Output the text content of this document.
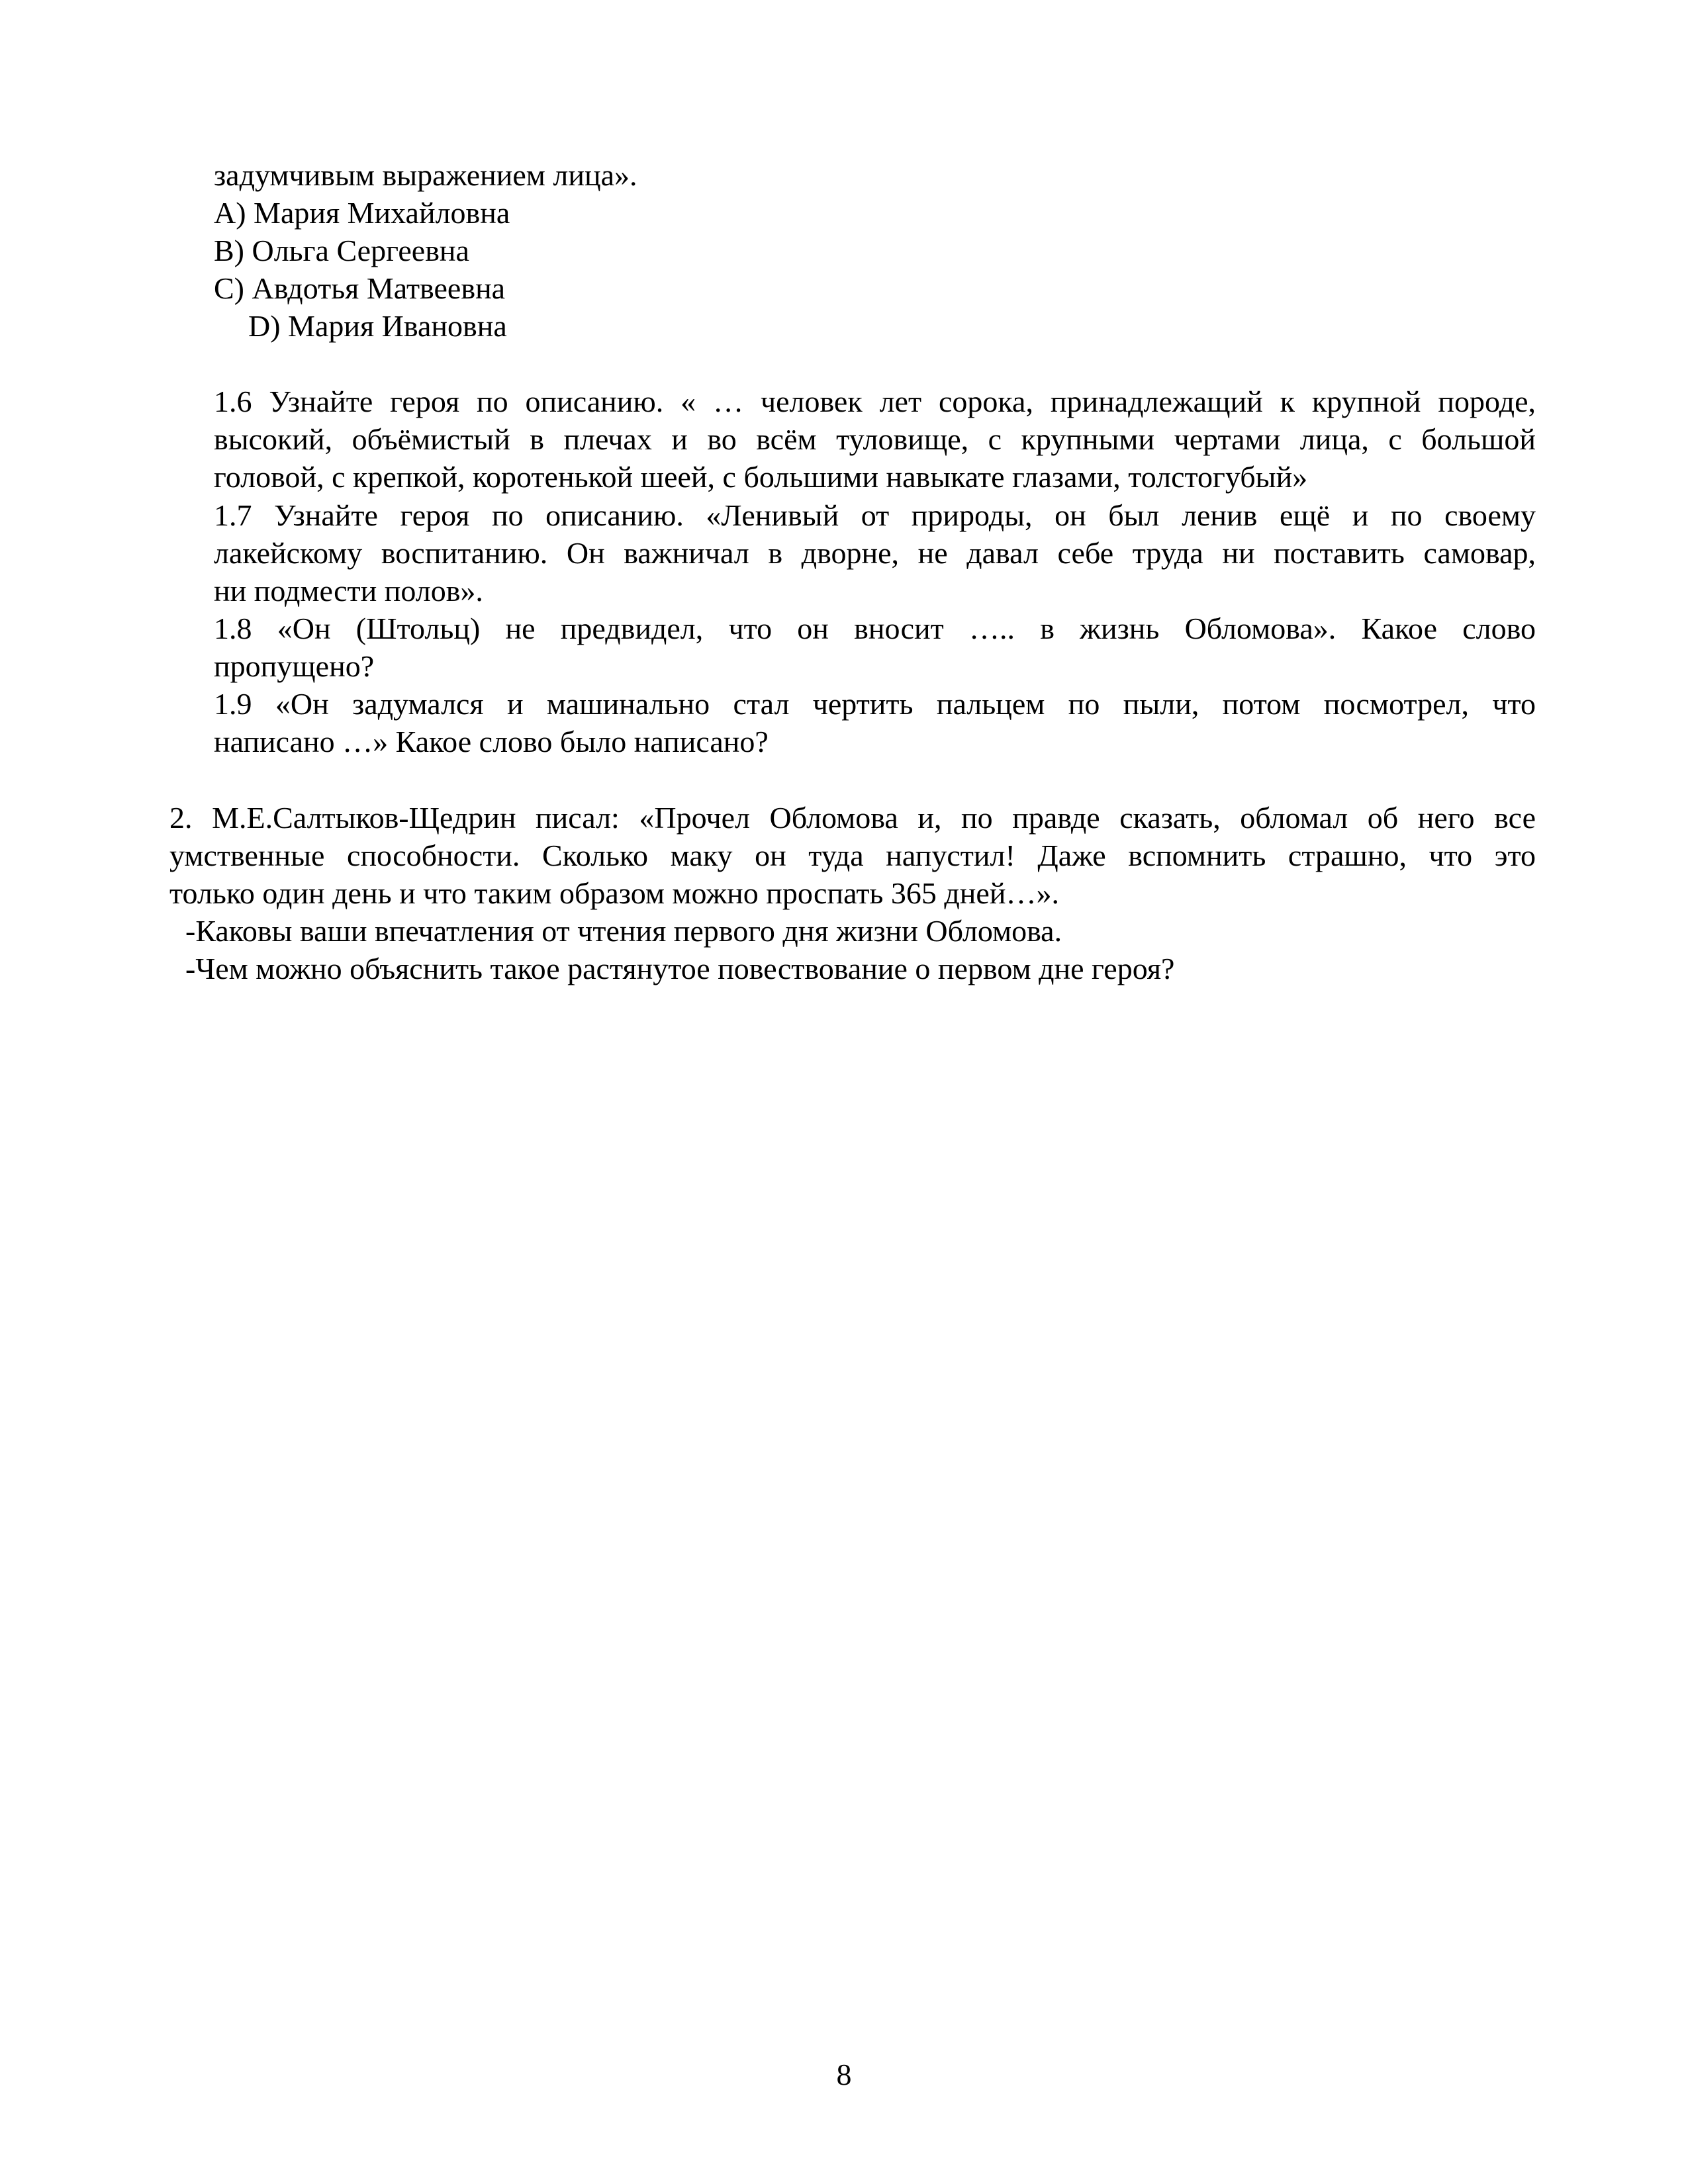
задумчивым выражением лица».
A) Мария Михайловна
B) Ольга Сергеевна
C) Авдотья Матвеевна
D) Мария Ивановна
1.6 Узнайте героя по описанию. « … человек лет сорока, принадлежащий к крупной породе,
высокий, объёмистый в плечах и во всём туловище, с крупными чертами лица, с большой
головой, с крепкой, коротенькой шеей, с большими навыкате глазами, толстогубый»
1.7 Узнайте героя по описанию. «Ленивый от природы, он был ленив ещё и по своему
лакейскому воспитанию. Он важничал в дворне, не давал себе труда ни поставить самовар,
ни подмести полов».
1.8 «Он (Штольц) не предвидел, что он вносит ….. в жизнь Обломова». Какое слово
пропущено?
1.9 «Он задумался и машинально стал чертить пальцем по пыли, потом посмотрел, что
написано …» Какое слово было написано?
2. М.Е.Салтыков-Щедрин писал: «Прочел Обломова и, по правде сказать, обломал об него все
умственные способности. Сколько маку он туда напустил! Даже вспомнить страшно, что это
только один день и что таким образом можно проспать 365 дней…».
-Каковы ваши впечатления от чтения первого дня жизни Обломова.
-Чем можно объяснить такое растянутое повествование о первом дне героя?
8
